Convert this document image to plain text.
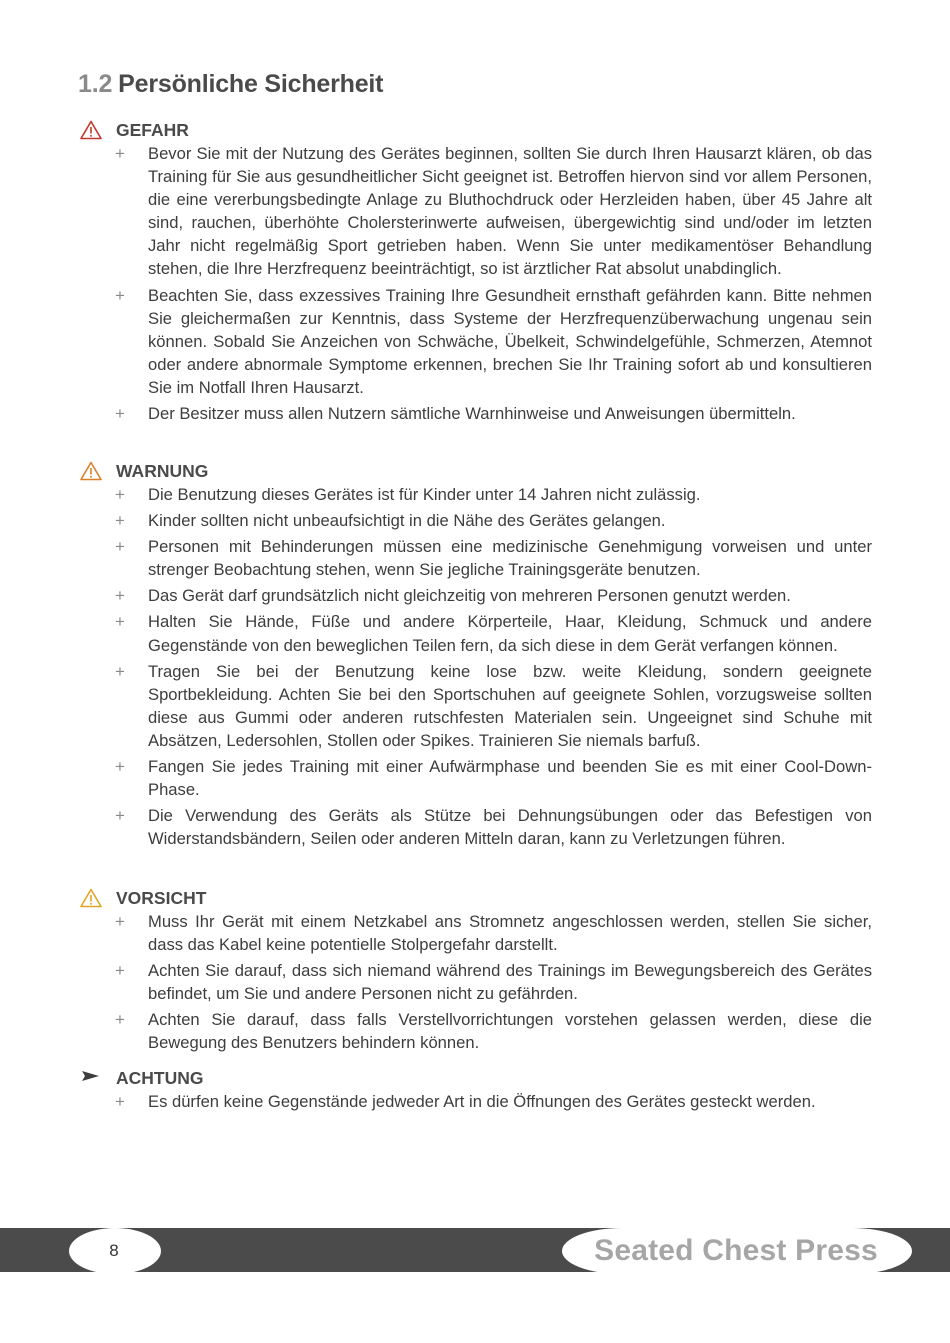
1.2 Persönliche Sicherheit
GEFAHR
+ Bevor Sie mit der Nutzung des Gerätes beginnen, sollten Sie durch Ihren Hausarzt klären, ob das Training für Sie aus gesundheitlicher Sicht geeignet ist. Betroffen hiervon sind vor allem Personen, die eine vererbungsbedingte Anlage zu Bluthochdruck oder Herzleiden haben, über 45 Jahre alt sind, rauchen, überhöhte Cholersterinwerte aufweisen, übergewichtig sind und/oder im letzten Jahr nicht regelmäßig Sport getrieben haben. Wenn Sie unter medikamentöser Behandlung stehen, die Ihre Herzfrequenz beeinträchtigt, so ist ärztlicher Rat absolut unabdinglich.
+ Beachten Sie, dass exzessives Training Ihre Gesundheit ernsthaft gefährden kann. Bitte nehmen Sie gleichermaßen zur Kenntnis, dass Systeme der Herzfrequenzüberwachung ungenau sein können. Sobald Sie Anzeichen von Schwäche, Übelkeit, Schwindelgefühle, Schmerzen, Atemnot oder andere abnormale Symptome erkennen, brechen Sie Ihr Training sofort ab und konsultieren Sie im Notfall Ihren Hausarzt.
+ Der Besitzer muss allen Nutzern sämtliche Warnhinweise und Anweisungen übermitteln.
WARNUNG
+ Die Benutzung dieses Gerätes ist für Kinder unter 14 Jahren nicht zulässig.
+ Kinder sollten nicht unbeaufsichtigt in die Nähe des Gerätes gelangen.
+ Personen mit Behinderungen müssen eine medizinische Genehmigung vorweisen und unter strenger Beobachtung stehen, wenn Sie jegliche Trainingsgeräte benutzen.
+ Das Gerät darf grundsätzlich nicht gleichzeitig von mehreren Personen genutzt werden.
+ Halten Sie Hände, Füße und andere Körperteile, Haar, Kleidung, Schmuck und andere Gegenstände von den beweglichen Teilen fern, da sich diese in dem Gerät verfangen können.
+ Tragen Sie bei der Benutzung keine lose bzw. weite Kleidung, sondern geeignete Sportbekleidung. Achten Sie bei den Sportschuhen auf geeignete Sohlen, vorzugsweise sollten diese aus Gummi oder anderen rutschfesten Materialen sein. Ungeeignet sind Schuhe mit Absätzen, Ledersohlen, Stollen oder Spikes. Trainieren Sie niemals barfuß.
+ Fangen Sie jedes Training mit einer Aufwärmphase und beenden Sie es mit einer Cool-Down-Phase.
+ Die Verwendung des Geräts als Stütze bei Dehnungsübungen oder das Befestigen von Widerstandsbändern, Seilen oder anderen Mitteln daran, kann zu Verletzungen führen.
VORSICHT
+ Muss Ihr Gerät mit einem Netzkabel ans Stromnetz angeschlossen werden, stellen Sie sicher, dass das Kabel keine potentielle Stolpergefahr darstellt.
+ Achten Sie darauf, dass sich niemand während des Trainings im Bewegungsbereich des Gerätes befindet, um Sie und andere Personen nicht zu gefährden.
+ Achten Sie darauf, dass falls Verstellvorrichtungen vorstehen gelassen werden, diese die Bewegung des Benutzers behindern können.
ACHTUNG
+ Es dürfen keine Gegenstände jedweder Art in die Öffnungen des Gerätes gesteckt werden.
8	Seated Chest Press
